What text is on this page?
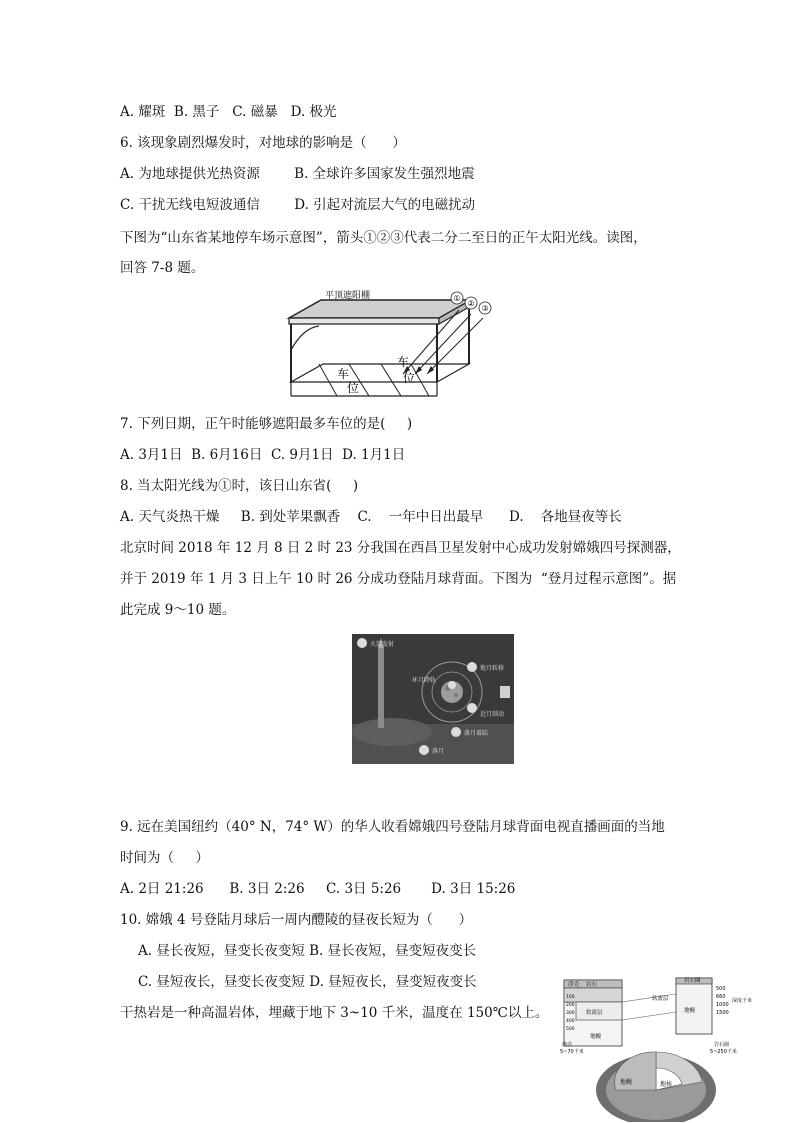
A. 耀斑  B. 黑子   C. 磁暴   D. 极光
6. 该现象剧烈爆发时，对地球的影响是（      ）
A. 为地球提供光热资源        B. 全球许多国家发生强烈地震
C. 干扰无线电短波通信        D. 引起对流层大气的电磁扰动
下图为“山东省某地停车场示意图”，箭头①②③代表二分二至日的正午太阳光线。读图，
回答 7-8 题。
平顶遮阳棚
车
位
车
位
①
②
③
7. 下列日期，正午时能够遮阳最多车位的是(     )
A. 3月1日  B. 6月16日  C. 9月1日  D. 1月1日
8. 当太阳光线为①时，该日山东省(     )
A. 天气炎热干燥     B. 到处苹果飘香    C.    一年中日出最早      D.    各地昼夜等长
北京时间 2018 年 12 月 8 日 2 时 23 分我国在西昌卫星发射中心成功发射嫦娥四号探测器，
并于 2019 年 1 月 3 日上午 10 时 26 分成功登陆月球背面。下图为  “登月过程示意图”。据
此完成 9～10 题。
火箭发射
环月降轨
地月转移
近月制动
落月着陆
落月
9. 远在美国纽约（40° N，74° W）的华人收看嫦娥四号登陆月球背面电视直播画面的当地
时间为（     ）
A. 2日 21:26      B. 3日 2:26     C. 3日 5:26       D. 3日 15:26
10. 嫦娥 4 号登陆月球后一周内醴陵的昼夜长短为（      ）
A. 昼长夜短，昼变长夜变短 B. 昼长夜短，昼变短夜变长
C. 昼短夜长，昼变长夜变短 D. 昼短夜长，昼变短夜变长
干热岩是一种高温岩体，埋藏于地下 3~10 千米，温度在 150℃以上。
浮壳 岩石
岩石圈
软流层
软流层	地幔
地幔
500
660
1000
1500
深度千米
100
200
300
400
500
地壳
5~70千米
岩石圈
5~250千米
地幔	地核
